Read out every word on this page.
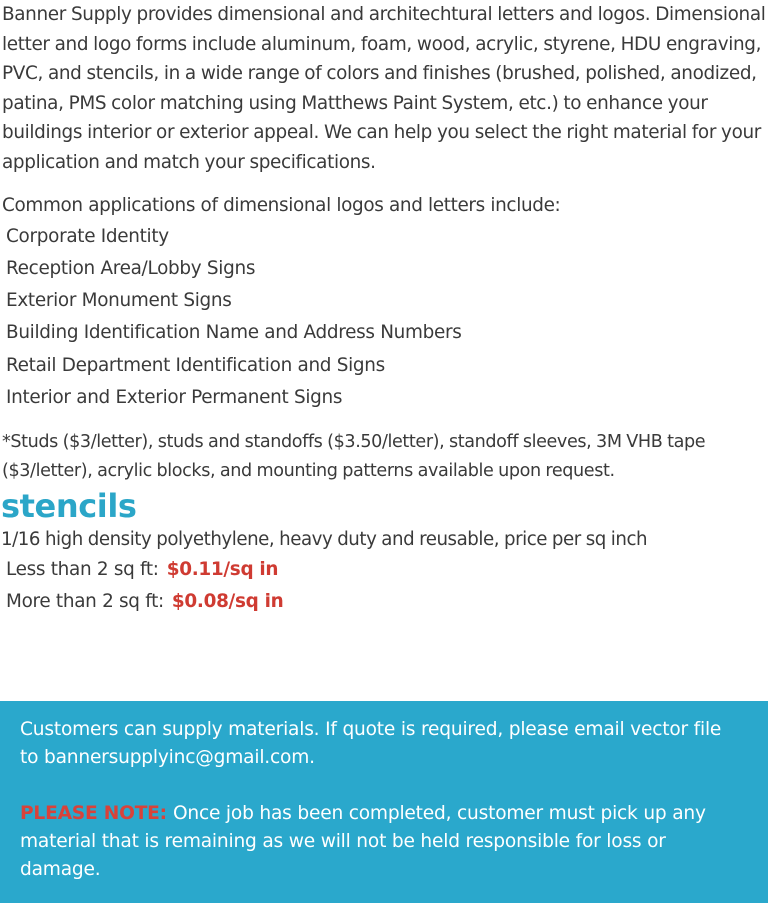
Banner Supply provides dimensional and architechtural letters and logos. Dimensional letter and logo forms include aluminum, foam, wood, acrylic, styrene, HDU engraving, PVC, and stencils, in a wide range of colors and finishes (brushed, polished, anodized, patina, PMS color matching using Matthews Paint System, etc.) to enhance your buildings interior or exterior appeal. We can help you select the right material for your application and match your specifications.

Common applications of dimensional logos and letters include:

Corporate Identity
Reception Area/Lobby Signs
Exterior Monument Signs
Building Identification Name and Address Numbers
Retail Department Identification and Signs
Interior and Exterior Permanent Signs

*Studs ($3/letter), studs and standoffs ($3.50/letter), standoff sleeves, 3M VHB tape ($3/letter), acrylic blocks, and mounting patterns available upon request.

stencils

1/16 high density polyethylene, heavy duty and reusable, price per sq inch

Less than 2 sq ft: $0.11/sq in

More than 2 sq ft: $0.08/sq in

Customers can supply materials. If quote is required, please email vector file to bannersupplyinc@gmail.com.

PLEASE NOTE: Once job has been completed, customer must pick up any material that is remaining as we will not be held responsible for loss or damage.
